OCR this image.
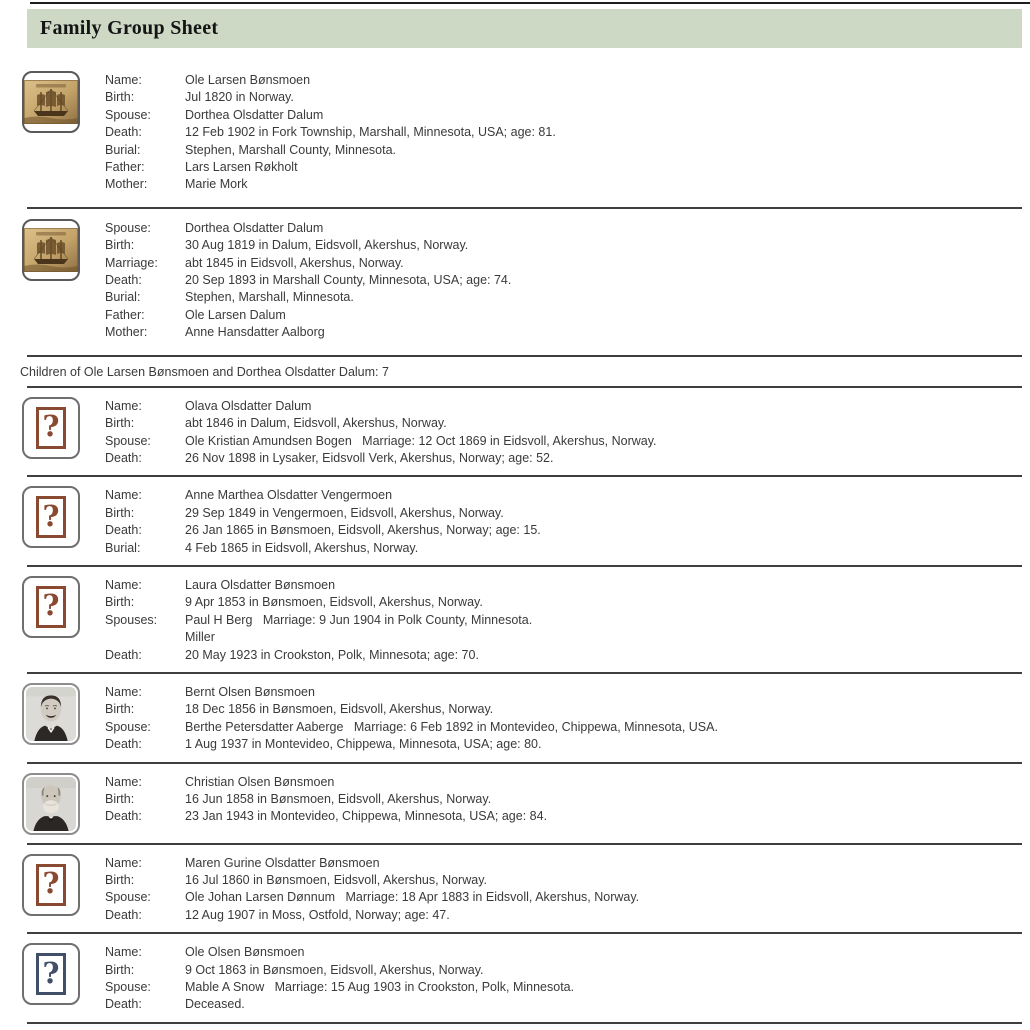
Family Group Sheet
Name:	Ole Larsen Bønsmoen
Birth:	Jul 1820 in Norway.
Spouse:	Dorthea Olsdatter Dalum
Death:	12 Feb 1902 in Fork Township, Marshall, Minnesota, USA; age: 81.
Burial:	Stephen, Marshall County, Minnesota.
Father:	Lars Larsen Røkholt
Mother:	Marie Mork
Spouse:	Dorthea Olsdatter Dalum
Birth:	30 Aug 1819 in Dalum, Eidsvoll, Akershus, Norway.
Marriage:	abt 1845 in Eidsvoll, Akershus, Norway.
Death:	20 Sep 1893 in Marshall County, Minnesota, USA; age: 74.
Burial:	Stephen, Marshall, Minnesota.
Father:	Ole Larsen Dalum
Mother:	Anne Hansdatter Aalborg
Children of Ole Larsen Bønsmoen and Dorthea Olsdatter Dalum: 7
?
Name:	Olava Olsdatter Dalum
Birth:	abt 1846 in Dalum, Eidsvoll, Akershus, Norway.
Spouse:	Ole Kristian Amundsen Bogen   Marriage: 12 Oct 1869 in Eidsvoll, Akershus, Norway.
Death:	26 Nov 1898 in Lysaker, Eidsvoll Verk, Akershus, Norway; age: 52.
?
Name:	Anne Marthea Olsdatter Vengermoen
Birth:	29 Sep 1849 in Vengermoen, Eidsvoll, Akershus, Norway.
Death:	26 Jan 1865 in Bønsmoen, Eidsvoll, Akershus, Norway; age: 15.
Burial:	4 Feb 1865 in Eidsvoll, Akershus, Norway.
?
Name:	Laura Olsdatter Bønsmoen
Birth:	9 Apr 1853 in Bønsmoen, Eidsvoll, Akershus, Norway.
Spouses:	Paul H Berg   Marriage: 9 Jun 1904 in Polk County, Minnesota.
Miller
Death:	20 May 1923 in Crookston, Polk, Minnesota; age: 70.
Name:	Bernt Olsen Bønsmoen
Birth:	18 Dec 1856 in Bønsmoen, Eidsvoll, Akershus, Norway.
Spouse:	Berthe Petersdatter Aaberge   Marriage: 6 Feb 1892 in Montevideo, Chippewa, Minnesota, USA.
Death:	1 Aug 1937 in Montevideo, Chippewa, Minnesota, USA; age: 80.
Name:	Christian Olsen Bønsmoen
Birth:	16 Jun 1858 in Bønsmoen, Eidsvoll, Akershus, Norway.
Death:	23 Jan 1943 in Montevideo, Chippewa, Minnesota, USA; age: 84.
?
Name:	Maren Gurine Olsdatter Bønsmoen
Birth:	16 Jul 1860 in Bønsmoen, Eidsvoll, Akershus, Norway.
Spouse:	Ole Johan Larsen Dønnum   Marriage: 18 Apr 1883 in Eidsvoll, Akershus, Norway.
Death:	12 Aug 1907 in Moss, Ostfold, Norway; age: 47.
?
Name:	Ole Olsen Bønsmoen
Birth:	9 Oct 1863 in Bønsmoen, Eidsvoll, Akershus, Norway.
Spouse:	Mable A Snow   Marriage: 15 Aug 1903 in Crookston, Polk, Minnesota.
Death:	Deceased.
